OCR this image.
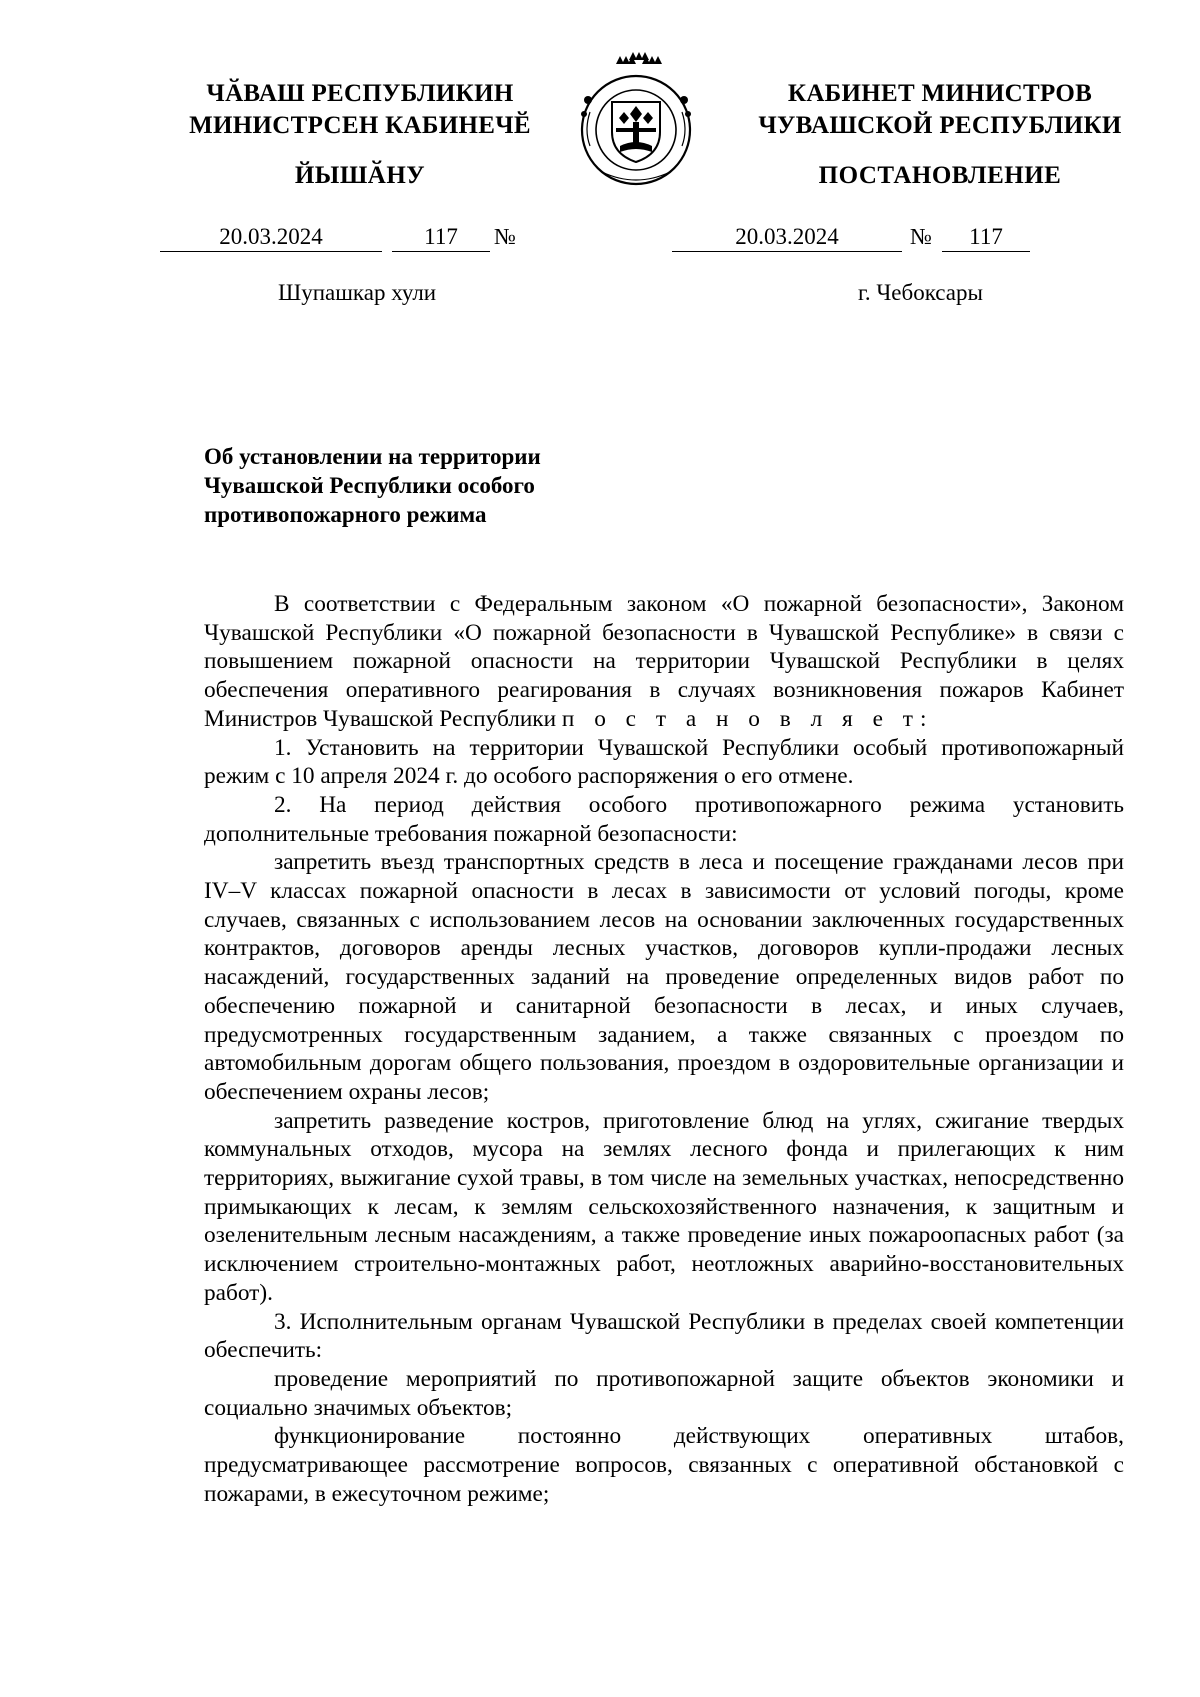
ЧӐВАШ РЕСПУБЛИКИН
МИНИСТРСЕН КАБИНЕЧӖ
ЙЫШӐНУ
КАБИНЕТ МИНИСТРОВ
ЧУВАШСКОЙ РЕСПУБЛИКИ
ПОСТАНОВЛЕНИЕ
20.03.2024	117	№	20.03.2024	№	117
Шупашкар хули	г. Чебоксары
Об установлении на территории
Чувашской Республики особого
противопожарного режима

В соответствии с Федеральным законом «О пожарной безопасности», Законом Чувашской Республики «О пожарной безопасности в Чувашской Республике» в связи с повышением пожарной опасности на территории Чувашской Республики в целях обеспечения оперативного реагирования в случаях возникновения пожаров Кабинет Министров Чувашской Республики п о с т а н о в л я е т:

1. Установить на территории Чувашской Республики особый противопожарный режим с 10 апреля 2024 г. до особого распоряжения о его отмене.

2. На период действия особого противопожарного режима установить дополнительные требования пожарной безопасности:

запретить въезд транспортных средств в леса и посещение гражданами лесов при IV–V классах пожарной опасности в лесах в зависимости от условий погоды, кроме случаев, связанных с использованием лесов на основании заключенных государственных контрактов, договоров аренды лесных участков, договоров купли-продажи лесных насаждений, государственных заданий на проведение определенных видов работ по обеспечению пожарной и санитарной безопасности в лесах, и иных случаев, предусмотренных государственным заданием, а также связанных с проездом по автомобильным дорогам общего пользования, проездом в оздоровительные организации и обеспечением охраны лесов;

запретить разведение костров, приготовление блюд на углях, сжигание твердых коммунальных отходов, мусора на землях лесного фонда и прилегающих к ним территориях, выжигание сухой травы, в том числе на земельных участках, непосредственно примыкающих к лесам, к землям сельскохозяйственного назначения, к защитным и озеленительным лесным насаждениям, а также проведение иных пожароопасных работ (за исключением строительно-монтажных работ, неотложных аварийно-восстановительных работ).

3. Исполнительным органам Чувашской Республики в пределах своей компетенции обеспечить:

проведение мероприятий по противопожарной защите объектов экономики и социально значимых объектов;

функционирование постоянно действующих оперативных штабов, предусматривающее рассмотрение вопросов, связанных с оперативной обстановкой с пожарами, в ежесуточном режиме;
